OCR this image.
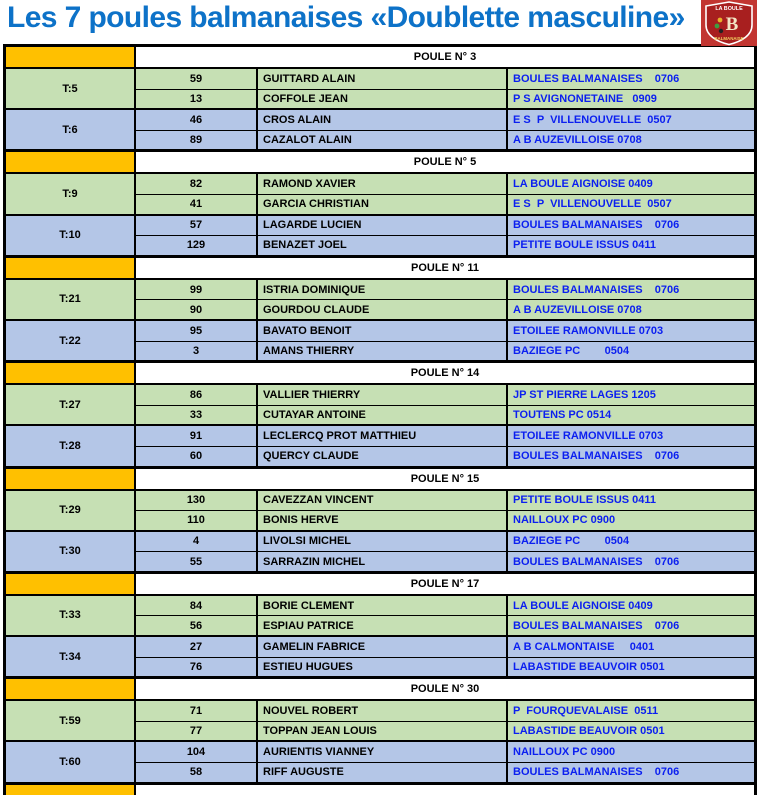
Les 7 poules balmanaises «Doublette masculine»	LA BOULE
B
BALMANAISE
POULE N° 3
T:5
59	GUITTARD ALAIN	BOULES BALMANAISES    0706
13	COFFOLE JEAN	P S AVIGNONETAINE   0909
T:6
46	CROS ALAIN	E S  P  VILLENOUVELLE  0507
89	CAZALOT ALAIN	A B AUZEVILLOISE 0708
POULE N° 5
T:9
82	RAMOND XAVIER	LA BOULE AIGNOISE 0409
41	GARCIA CHRISTIAN	E S  P  VILLENOUVELLE  0507
T:10
57	LAGARDE LUCIEN	BOULES BALMANAISES    0706
129	BENAZET JOEL	PETITE BOULE ISSUS 0411
POULE N° 11
T:21
99	ISTRIA DOMINIQUE	BOULES BALMANAISES    0706
90	GOURDOU CLAUDE	A B AUZEVILLOISE 0708
T:22
95	BAVATO BENOIT	ETOILEE RAMONVILLE 0703
3	AMANS THIERRY	BAZIEGE PC        0504
POULE N° 14
T:27
86	VALLIER THIERRY	JP ST PIERRE LAGES 1205
33	CUTAYAR ANTOINE	TOUTENS PC 0514
T:28
91	LECLERCQ PROT MATTHIEU	ETOILEE RAMONVILLE 0703
60	QUERCY CLAUDE	BOULES BALMANAISES    0706
POULE N° 15
T:29
130	CAVEZZAN VINCENT	PETITE BOULE ISSUS 0411
110	BONIS HERVE	NAILLOUX PC 0900
T:30
4	LIVOLSI MICHEL	BAZIEGE PC        0504
55	SARRAZIN MICHEL	BOULES BALMANAISES    0706
POULE N° 17
T:33
84	BORIE CLEMENT	LA BOULE AIGNOISE 0409
56	ESPIAU PATRICE	BOULES BALMANAISES    0706
T:34
27	GAMELIN FABRICE	A B CALMONTAISE     0401
76	ESTIEU HUGUES	LABASTIDE BEAUVOIR 0501
POULE N° 30
T:59
71	NOUVEL ROBERT	P  FOURQUEVALAISE  0511
77	TOPPAN JEAN LOUIS	LABASTIDE BEAUVOIR 0501
T:60
104	AURIENTIS VIANNEY	NAILLOUX PC 0900
58	RIFF AUGUSTE	BOULES BALMANAISES    0706
